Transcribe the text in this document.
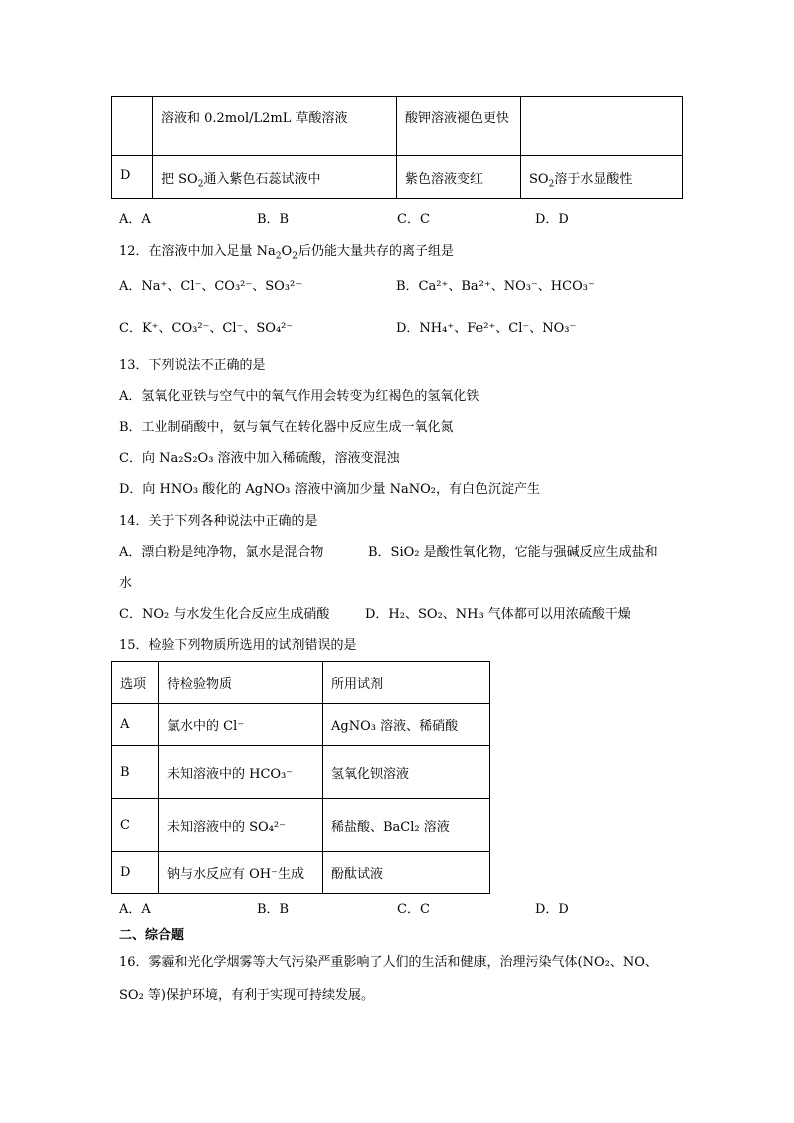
	溶液和 0.2mol/L2mL 草酸溶液	酸钾溶液褪色更快	
D	把 $SO_2$通入紫色石蕊试液中	紫色溶液变红	$SO_2$溶于水显酸性
A．A	B．B	C．C	D．D
12．在溶液中加入足量 $Na_2O_2$后仍能大量共存的离子组是
A．Na⁺、Cl⁻、CO₃²⁻、SO₃²⁻	B．Ca²⁺、Ba²⁺、NO₃⁻、HCO₃⁻
C．K⁺、CO₃²⁻、Cl⁻、SO₄²⁻	D．NH₄⁺、Fe²⁺、Cl⁻、NO₃⁻
13．下列说法不正确的是
A．氢氧化亚铁与空气中的氧气作用会转变为红褐色的氢氧化铁
B．工业制硝酸中，氨与氧气在转化器中反应生成一氧化氮
C．向 Na₂S₂O₃ 溶液中加入稀硫酸，溶液变混浊
D．向 HNO₃ 酸化的 AgNO₃ 溶液中滴加少量 NaNO₂，有白色沉淀产生
14．关于下列各种说法中正确的是
A．漂白粉是纯净物，氯水是混合物	B．SiO₂ 是酸性氧化物，它能与强碱反应生成盐和
水
C．NO₂ 与水发生化合反应生成硝酸	D．H₂、SO₂、NH₃ 气体都可以用浓硫酸干燥
15．检验下列物质所选用的试剂错误的是
选项	待检验物质	所用试剂
A	氯水中的 Cl⁻	AgNO₃ 溶液、稀硝酸
B	未知溶液中的 HCO₃⁻	氢氧化钡溶液
C	未知溶液中的 SO₄²⁻	稀盐酸、BaCl₂ 溶液
D	钠与水反应有 OH⁻生成	酚酞试液
A．A	B．B	C．C	D．D
二、综合题
16．雾霾和光化学烟雾等大气污染严重影响了人们的生活和健康，治理污染气体(NO₂、NO、
SO₂ 等)保护环境，有利于实现可持续发展。
